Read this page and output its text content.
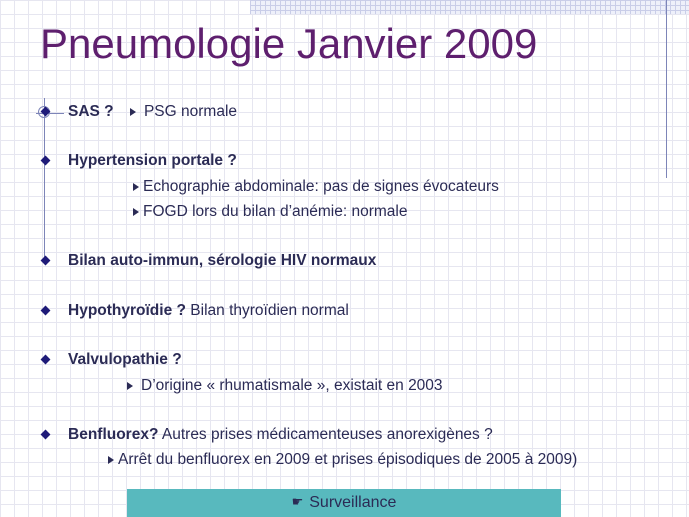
Pneumologie Janvier 2009
SAS ? PSG normale
Hypertension portale ?
Echographie abdominale: pas de signes évocateurs
FOGD lors du bilan d’anémie: normale
Bilan auto-immun, sérologie HIV normaux
Hypothyroïdie ? Bilan thyroïdien normal
Valvulopathie ?
D’origine « rhumatismale », existait en 2003
Benfluorex? Autres prises médicamenteuses anorexigènes ?
Arrêt du benfluorex en 2009 et prises épisodiques de 2005 à 2009)
☛ Surveillance
